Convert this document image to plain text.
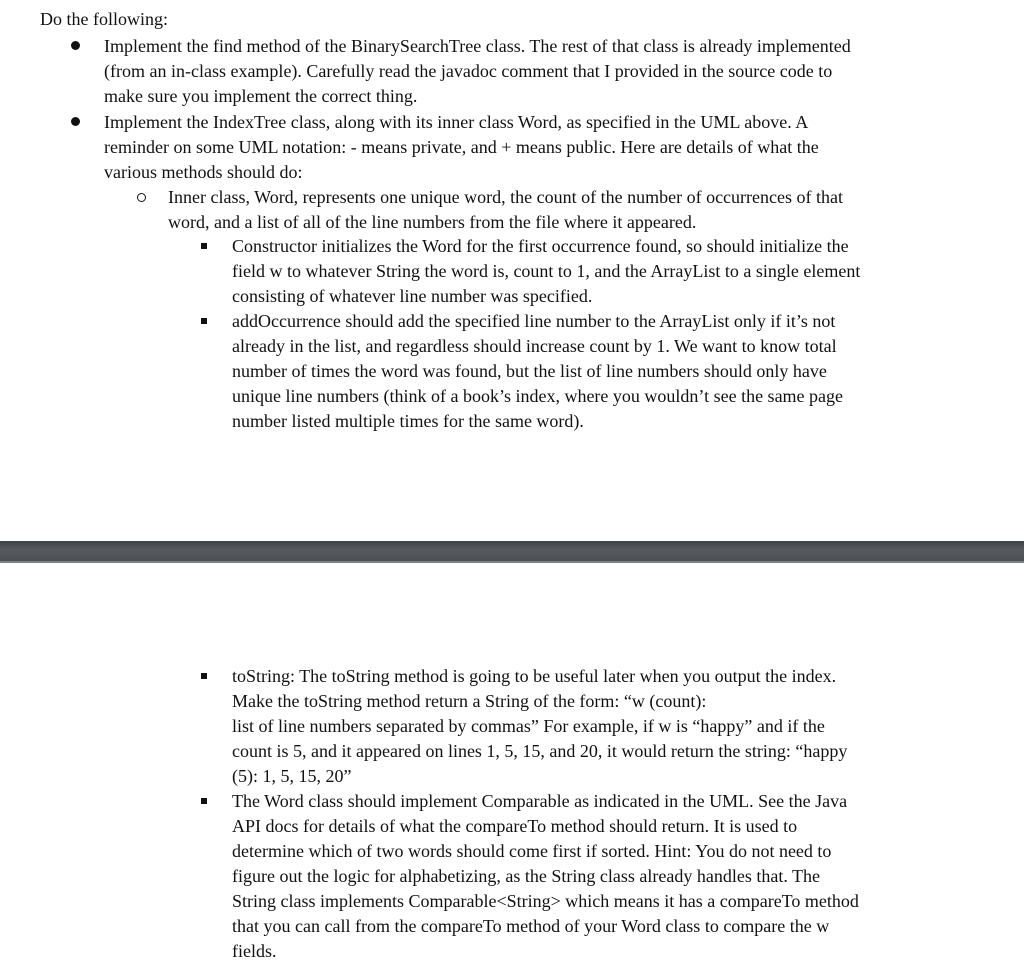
Do the following:

Implement the find method of the BinarySearchTree class. The rest of that class is already implemented

(from an in-class example). Carefully read the javadoc comment that I provided in the source code to

make sure you implement the correct thing.

Implement the IndexTree class, along with its inner class Word, as specified in the UML above. A

reminder on some UML notation: - means private, and + means public. Here are details of what the

various methods should do:

Inner class, Word, represents one unique word, the count of the number of occurrences of that

word, and a list of all of the line numbers from the file where it appeared.

Constructor initializes the Word for the first occurrence found, so should initialize the

field w to whatever String the word is, count to 1, and the ArrayList to a single element

consisting of whatever line number was specified.

addOccurrence should add the specified line number to the ArrayList only if it’s not

already in the list, and regardless should increase count by 1. We want to know total

number of times the word was found, but the list of line numbers should only have

unique line numbers (think of a book’s index, where you wouldn’t see the same page

number listed multiple times for the same word).

toString: The toString method is going to be useful later when you output the index.

Make the toString method return a String of the form: “w (count):

list of line numbers separated by commas” For example, if w is “happy” and if the

count is 5, and it appeared on lines 1, 5, 15, and 20, it would return the string: “happy

(5): 1, 5, 15, 20”

The Word class should implement Comparable as indicated in the UML. See the Java

API docs for details of what the compareTo method should return. It is used to

determine which of two words should come first if sorted. Hint: You do not need to

figure out the logic for alphabetizing, as the String class already handles that. The

String class implements Comparable<String> which means it has a compareTo method

that you can call from the compareTo method of your Word class to compare the w

fields.
